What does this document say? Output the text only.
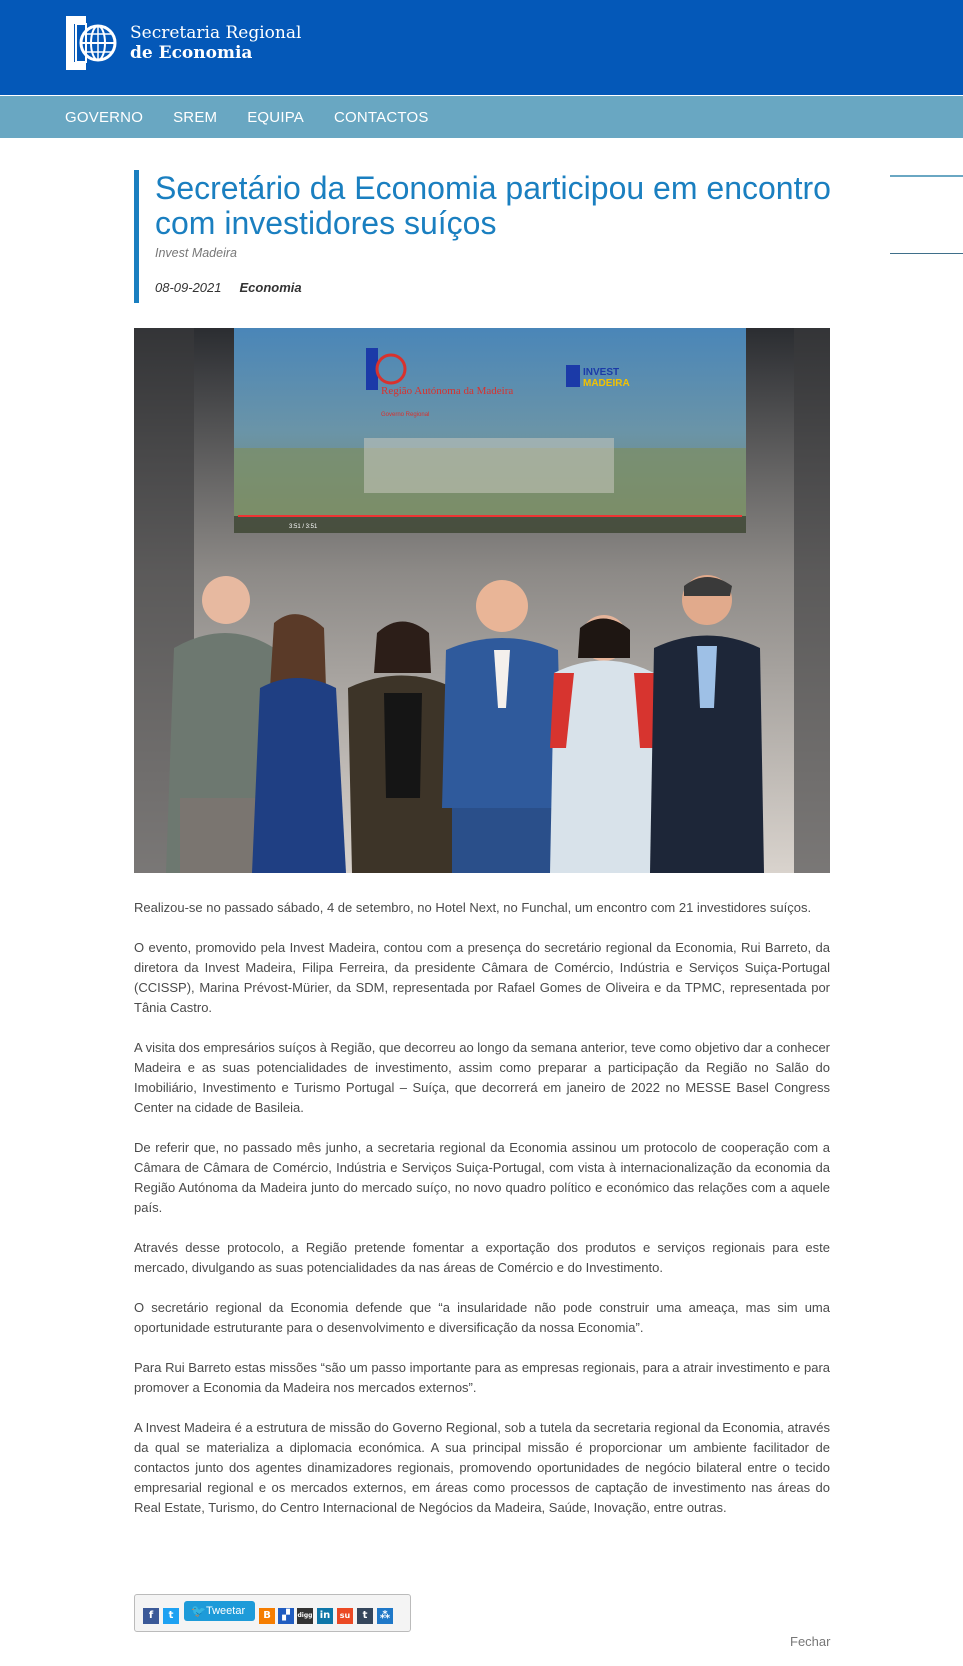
Secretaria Regional
de Economia
GOVERNO SREM EQUIPA CONTACTOS
Secretário da Economia participou em encontro com investidores suíços
Invest Madeira
08-09-2021 Economia
3:51 / 3:51
Região Autónoma da Madeira
Governo Regional
INVEST
MADEIRA

Realizou-se no passado sábado, 4 de setembro, no Hotel Next, no Funchal, um encontro com 21 investidores suíços.

O evento, promovido pela Invest Madeira, contou com a presença do secretário regional da Economia, Rui Barreto, da diretora da Invest Madeira, Filipa Ferreira, da presidente Câmara de Comércio, Indústria e Serviços Suiça-Portugal (CCISSP), Marina Prévost-Mürier, da SDM, representada por Rafael Gomes de Oliveira e da TPMC, representada por Tânia Castro.

A visita dos empresários suíços à Região, que decorreu ao longo da semana anterior, teve como objetivo dar a conhecer Madeira e as suas potencialidades de investimento, assim como preparar a participação da Região no Salão do Imobiliário, Investimento e Turismo Portugal – Suíça, que decorrerá em janeiro de 2022 no MESSE Basel Congress Center na cidade de Basileia.

De referir que, no passado mês junho, a secretaria regional da Economia assinou um protocolo de cooperação com a Câmara de Câmara de Comércio, Indústria e Serviços Suiça-Portugal, com vista à internacionalização da economia da Região Autónoma da Madeira junto do mercado suíço, no novo quadro político e económico das relações com a aquele país.

Através desse protocolo, a Região pretende fomentar a exportação dos produtos e serviços regionais para este mercado, divulgando as suas potencialidades da nas áreas de Comércio e do Investimento.

O secretário regional da Economia defende que “a insularidade não pode construir uma ameaça, mas sim uma oportunidade estruturante para o desenvolvimento e diversificação da nossa Economia”.

Para Rui Barreto estas missões “são um passo importante para as empresas regionais, para a atrair investimento e para promover a Economia da Madeira nos mercados externos”.

A Invest Madeira é a estrutura de missão do Governo Regional, sob a tutela da secretaria regional da Economia, através da qual se materializa a diplomacia económica. A sua principal missão é proporcionar um ambiente facilitador de contactos junto dos agentes dinamizadores regionais, promovendo oportunidades de negócio bilateral entre o tecido empresarial regional e os mercados externos, em áreas como processos de captação de investimento nas áreas do Real Estate, Turismo, do Centro Internacional de Negócios da Madeira, Saúde, Inovação, entre outras.

f	t	🐦 Tweetar	B	▞	digg in	su	t	⁂
Fechar
